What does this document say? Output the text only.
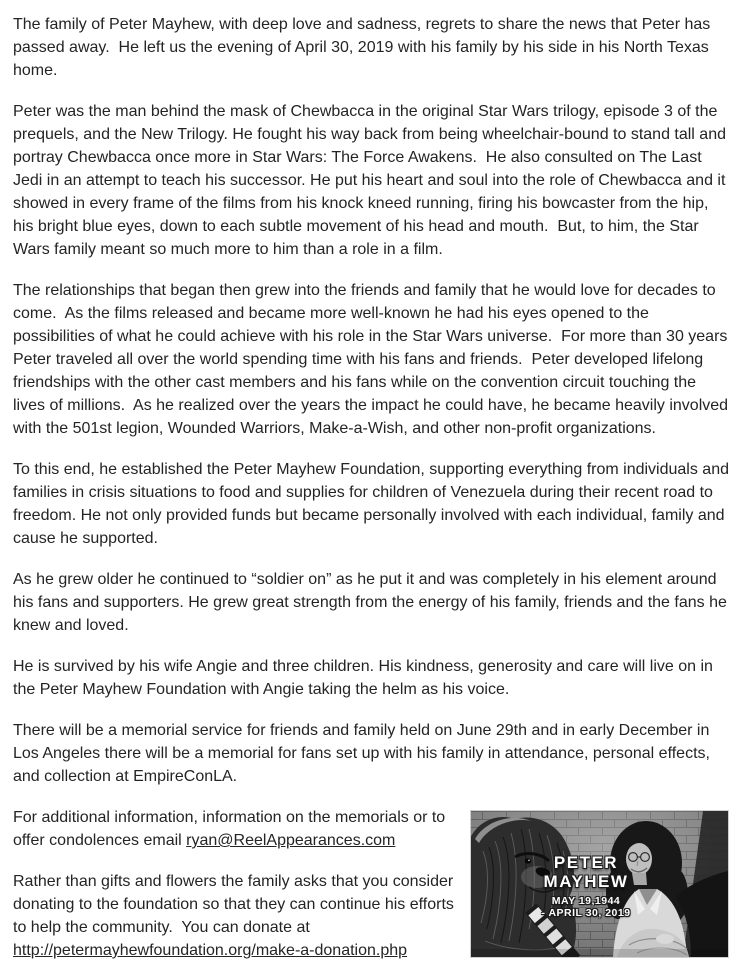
The family of Peter Mayhew, with deep love and sadness, regrets to share the news that Peter has passed away.  He left us the evening of April 30, 2019 with his family by his side in his North Texas home.

Peter was the man behind the mask of Chewbacca in the original Star Wars trilogy, episode 3 of the prequels, and the New Trilogy. He fought his way back from being wheelchair-bound to stand tall and portray Chewbacca once more in Star Wars: The Force Awakens.  He also consulted on The Last Jedi in an attempt to teach his successor. He put his heart and soul into the role of Chewbacca and it showed in every frame of the films from his knock kneed running, firing his bowcaster from the hip, his bright blue eyes, down to each subtle movement of his head and mouth.  But, to him, the Star Wars family meant so much more to him than a role in a film.

The relationships that began then grew into the friends and family that he would love for decades to come.  As the films released and became more well-known he had his eyes opened to the possibilities of what he could achieve with his role in the Star Wars universe.  For more than 30 years Peter traveled all over the world spending time with his fans and friends.  Peter developed lifelong friendships with the other cast members and his fans while on the convention circuit touching the lives of millions.  As he realized over the years the impact he could have, he became heavily involved with the 501st legion, Wounded Warriors, Make-a-Wish, and other non-profit organizations.

To this end, he established the Peter Mayhew Foundation, supporting everything from individuals and families in crisis situations to food and supplies for children of Venezuela during their recent road to freedom. He not only provided funds but became personally involved with each individual, family and cause he supported.

As he grew older he continued to “soldier on” as he put it and was completely in his element around his fans and supporters. He grew great strength from the energy of his family, friends and the fans he knew and loved.

He is survived by his wife Angie and three children. His kindness, generosity and care will live on in the Peter Mayhew Foundation with Angie taking the helm as his voice.

There will be a memorial service for friends and family held on June 29th and in early December in Los Angeles there will be a memorial for fans set up with his family in attendance, personal effects, and collection at EmpireConLA.

PETER
MAYHEW
MAY 19,1944
- APRIL 30, 2019

For additional information, information on the memorials or to offer condolences email ryan@ReelAppearances.com

Rather than gifts and flowers the family asks that you consider donating to the foundation so that they can continue his efforts to help the community.  You can donate at http://petermayhewfoundation.org/make-a-donation.php
